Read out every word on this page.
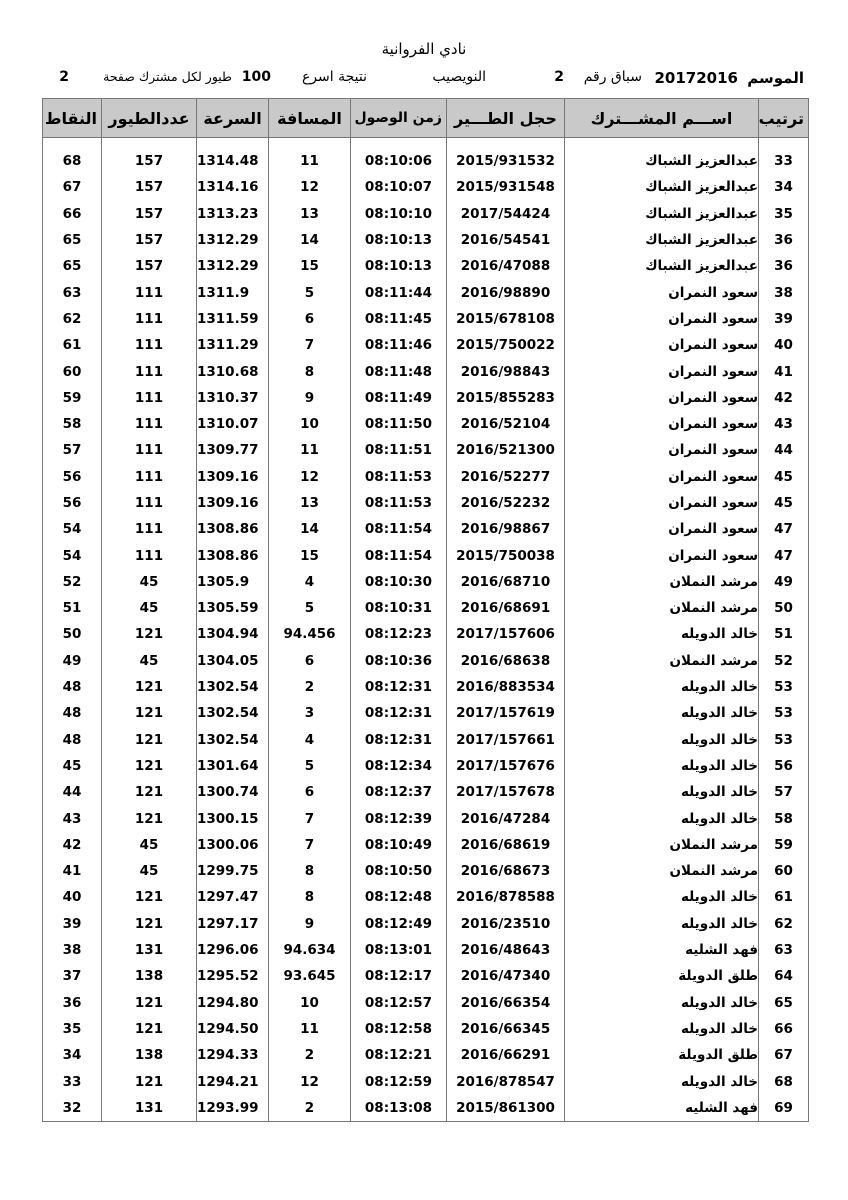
نادي الفروانية
الموسم
20172016
سباق رقم
2
النويصيب
نتيجة اسرع
100
طيور لكل مشترك صفحة
2
ترتيب	اســـم المشـــترك	حجل الطـــير	زمن الوصول	المسافة	السرعة	عددالطيور	النقاط

33	عبدالعزيز الشباك	2015/931532	08:10:06	11	1314.48	157	68
34	عبدالعزيز الشباك	2015/931548	08:10:07	12	1314.16	157	67
35	عبدالعزيز الشباك	2017/54424	08:10:10	13	1313.23	157	66
36	عبدالعزيز الشباك	2016/54541	08:10:13	14	1312.29	157	65
36	عبدالعزيز الشباك	2016/47088	08:10:13	15	1312.29	157	65
38	سعود النمران	2016/98890	08:11:44	5	1311.9	111	63
39	سعود النمران	2015/678108	08:11:45	6	1311.59	111	62
40	سعود النمران	2015/750022	08:11:46	7	1311.29	111	61
41	سعود النمران	2016/98843	08:11:48	8	1310.68	111	60
42	سعود النمران	2015/855283	08:11:49	9	1310.37	111	59
43	سعود النمران	2016/52104	08:11:50	10	1310.07	111	58
44	سعود النمران	2016/521300	08:11:51	11	1309.77	111	57
45	سعود النمران	2016/52277	08:11:53	12	1309.16	111	56
45	سعود النمران	2016/52232	08:11:53	13	1309.16	111	56
47	سعود النمران	2016/98867	08:11:54	14	1308.86	111	54
47	سعود النمران	2015/750038	08:11:54	15	1308.86	111	54
49	مرشد النملان	2016/68710	08:10:30	4	1305.9	45	52
50	مرشد النملان	2016/68691	08:10:31	5	1305.59	45	51
51	خالد الدويله	2017/157606	08:12:23	94.456	1304.94	121	50
52	مرشد النملان	2016/68638	08:10:36	6	1304.05	45	49
53	خالد الدويله	2016/883534	08:12:31	2	1302.54	121	48
53	خالد الدويله	2017/157619	08:12:31	3	1302.54	121	48
53	خالد الدويله	2017/157661	08:12:31	4	1302.54	121	48
56	خالد الدويله	2017/157676	08:12:34	5	1301.64	121	45
57	خالد الدويله	2017/157678	08:12:37	6	1300.74	121	44
58	خالد الدويله	2016/47284	08:12:39	7	1300.15	121	43
59	مرشد النملان	2016/68619	08:10:49	7	1300.06	45	42
60	مرشد النملان	2016/68673	08:10:50	8	1299.75	45	41
61	خالد الدويله	2016/878588	08:12:48	8	1297.47	121	40
62	خالد الدويله	2016/23510	08:12:49	9	1297.17	121	39
63	فهد الشليه	2016/48643	08:13:01	94.634	1296.06	131	38
64	طلق الدويلة	2016/47340	08:12:17	93.645	1295.52	138	37
65	خالد الدويله	2016/66354	08:12:57	10	1294.80	121	36
66	خالد الدويله	2016/66345	08:12:58	11	1294.50	121	35
67	طلق الدويلة	2016/66291	08:12:21	2	1294.33	138	34
68	خالد الدويله	2016/878547	08:12:59	12	1294.21	121	33
69	فهد الشليه	2015/861300	08:13:08	2	1293.99	131	32
